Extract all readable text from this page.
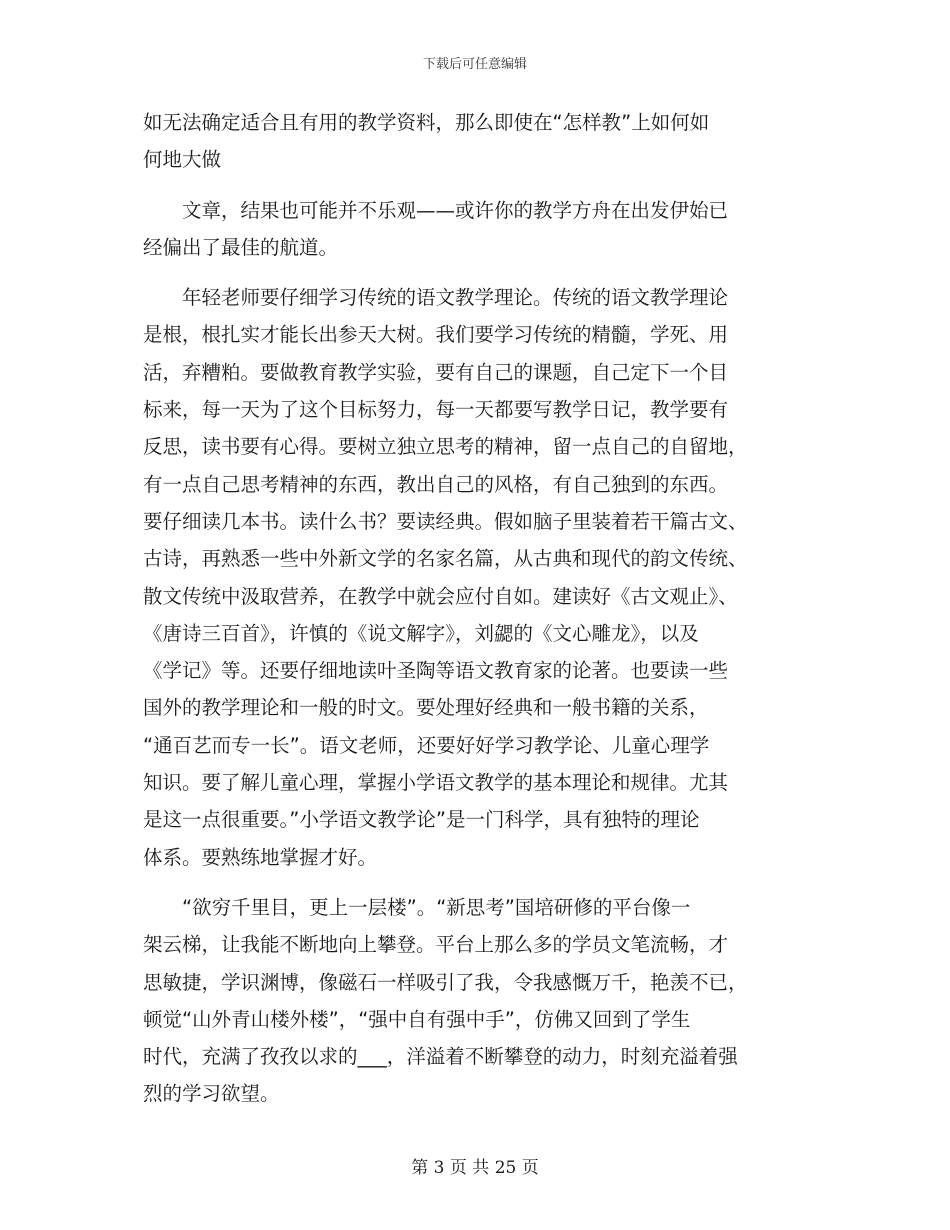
下载后可任意编辑
如无法确定适合且有用的教学资料，那么即使在“怎样教”上如何如
何地大做
文章，结果也可能并不乐观——或许你的教学方舟在出发伊始已
经偏出了最佳的航道。
年轻老师要仔细学习传统的语文教学理论。传统的语文教学理论
是根，根扎实才能长出参天大树。我们要学习传统的精髓，学死、用
活，弃糟粕。要做教育教学实验，要有自己的课题，自己定下一个目
标来，每一天为了这个目标努力，每一天都要写教学日记，教学要有
反思，读书要有心得。要树立独立思考的精神，留一点自己的自留地，
有一点自己思考精神的东西，教出自己的风格，有自己独到的东西。
要仔细读几本书。读什么书？要读经典。假如脑子里装着若干篇古文、
古诗，再熟悉一些中外新文学的名家名篇，从古典和现代的韵文传统、
散文传统中汲取营养，在教学中就会应付自如。建读好《古文观止》、
《唐诗三百首》，许慎的《说文解字》，刘勰的《文心雕龙》，以及
《学记》等。还要仔细地读叶圣陶等语文教育家的论著。也要读一些
国外的教学理论和一般的时文。要处理好经典和一般书籍的关系，
“通百艺而专一长”。语文老师，还要好好学习教学论、儿童心理学
知识。要了解儿童心理，掌握小学语文教学的基本理论和规律。尤其
是这一点很重要。”小学语文教学论”是一门科学，具有独特的理论
体系。要熟练地掌握才好。
“欲穷千里目，更上一层楼”。“新思考”国培研修的平台像一
架云梯，让我能不断地向上攀登。平台上那么多的学员文笔流畅，才
思敏捷，学识渊博，像磁石一样吸引了我，令我感慨万千，艳羡不已，
顿觉“山外青山楼外楼”，“强中自有强中手”，仿佛又回到了学生
时代，充满了孜孜以求的___，洋溢着不断攀登的动力，时刻充溢着强
烈的学习欲望。
第 3 页 共 25 页
